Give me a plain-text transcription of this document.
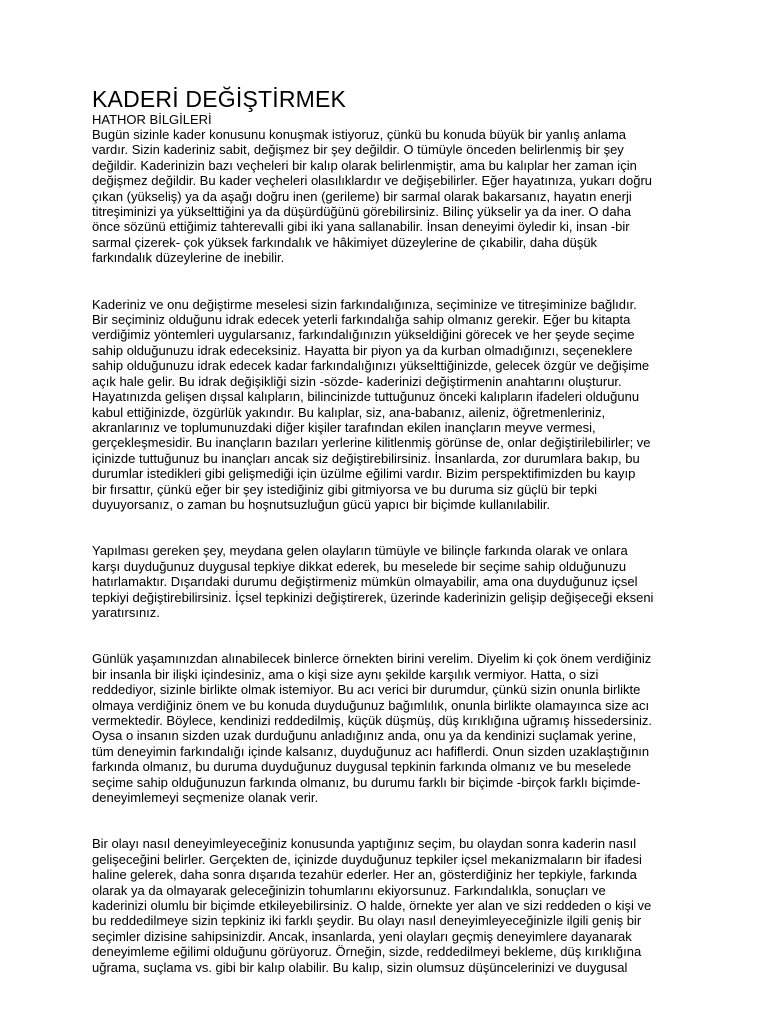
KADERİ DEĞİŞTİRMEK
HATHOR BİLGİLERİ
Bugün sizinle kader konusunu konuşmak istiyoruz, çünkü bu konuda büyük bir yanlış anlama
vardır. Sizin kaderiniz sabit, değişmez bir şey değildir. O tümüyle önceden belirlenmiş bir şey
değildir. Kaderinizin bazı veçheleri bir kalıp olarak belirlenmiştir, ama bu kalıplar her zaman için
değişmez değildir. Bu kader veçheleri olasılıklardır ve değişebilirler. Eğer hayatınıza, yukarı doğru
çıkan (yükseliş) ya da aşağı doğru inen (gerileme) bir sarmal olarak bakarsanız, hayatın enerji
titreşiminizi ya yükselttiğini ya da düşürdüğünü görebilirsiniz. Bilinç yükselir ya da iner. O daha
önce sözünü ettiğimiz tahterevalli gibi iki yana sallanabilir. İnsan deneyimi öyledir ki, insan -bir
sarmal çizerek- çok yüksek farkındalık ve hâkimiyet düzeylerine de çıkabilir, daha düşük
farkındalık düzeylerine de inebilir.
Kaderiniz ve onu değiştirme meselesi sizin farkındalığınıza, seçiminize ve titreşiminize bağlıdır.
Bir seçiminiz olduğunu idrak edecek yeterli farkındalığa sahip olmanız gerekir. Eğer bu kitapta
verdiğimiz yöntemleri uygularsanız, farkındalığınızın yükseldiğini görecek ve her şeyde seçime
sahip olduğunuzu idrak edeceksiniz. Hayatta bir piyon ya da kurban olmadığınızı, seçeneklere
sahip olduğunuzu idrak edecek kadar farkındalığınızı yükselttiğinizde, gelecek özgür ve değişime
açık hale gelir. Bu idrak değişikliği sizin -sözde- kaderinizi değiştirmenin anahtarını oluşturur.
Hayatınızda gelişen dışsal kalıpların, bilincinizde tuttuğunuz önceki kalıpların ifadeleri olduğunu
kabul ettiğinizde, özgürlük yakındır. Bu kalıplar, siz, ana-babanız, aileniz, öğretmenleriniz,
akranlarınız ve toplumunuzdaki diğer kişiler tarafından ekilen inançların meyve vermesi,
gerçekleşmesidir. Bu inançların bazıları yerlerine kilitlenmiş görünse de, onlar değiştirilebilirler; ve
içinizde tuttuğunuz bu inançları ancak siz değiştirebilirsiniz. İnsanlarda, zor durumlara bakıp, bu
durumlar istedikleri gibi gelişmediği için üzülme eğilimi vardır. Bizim perspektifimizden bu kayıp
bir fırsattır, çünkü eğer bir şey istediğiniz gibi gitmiyorsa ve bu duruma siz güçlü bir tepki
duyuyorsanız, o zaman bu hoşnutsuzluğun gücü yapıcı bir biçimde kullanılabilir.
Yapılması gereken şey, meydana gelen olayların tümüyle ve bilinçle farkında olarak ve onlara
karşı duyduğunuz duygusal tepkiye dikkat ederek, bu meselede bir seçime sahip olduğunuzu
hatırlamaktır. Dışarıdaki durumu değiştirmeniz mümkün olmayabilir, ama ona duyduğunuz içsel
tepkiyi değiştirebilirsiniz. İçsel tepkinizi değiştirerek, üzerinde kaderinizin gelişip değişeceği ekseni
yaratırsınız.
Günlük yaşamınızdan alınabilecek binlerce örnekten birini verelim. Diyelim ki çok önem verdiğiniz
bir insanla bir ilişki içindesiniz, ama o kişi size aynı şekilde karşılık vermiyor. Hatta, o sizi
reddediyor, sizinle birlikte olmak istemiyor. Bu acı verici bir durumdur, çünkü sizin onunla birlikte
olmaya verdiğiniz önem ve bu konuda duyduğunuz bağımlılık, onunla birlikte olamayınca size acı
vermektedir. Böylece, kendinizi reddedilmiş, küçük düşmüş, düş kırıklığına uğramış hissedersiniz.
Oysa o insanın sizden uzak durduğunu anladığınız anda, onu ya da kendinizi suçlamak yerine,
tüm deneyimin farkındalığı içinde kalsanız, duyduğunuz acı hafiflerdi. Onun sizden uzaklaştığının
farkında olmanız, bu duruma duyduğunuz duygusal tepkinin farkında olmanız ve bu meselede
seçime sahip olduğunuzun farkında olmanız, bu durumu farklı bir biçimde -birçok farklı biçimde-
deneyimlemeyi seçmenize olanak verir.
Bir olayı nasıl deneyimleyeceğiniz konusunda yaptığınız seçim, bu olaydan sonra kaderin nasıl
gelişeceğini belirler. Gerçekten de, içinizde duyduğunuz tepkiler içsel mekanizmaların bir ifadesi
haline gelerek, daha sonra dışarıda tezahür ederler. Her an, gösterdiğiniz her tepkiyle, farkında
olarak ya da olmayarak geleceğinizin tohumlarını ekiyorsunuz. Farkındalıkla, sonuçları ve
kaderinizi olumlu bir biçimde etkileyebilirsiniz. O halde, örnekte yer alan ve sizi reddeden o kişi ve
bu reddedilmeye sizin tepkiniz iki farklı şeydir. Bu olayı nasıl deneyimleyeceğinizle ilgili geniş bir
seçimler dizisine sahipsinizdir. Ancak, insanlarda, yeni olayları geçmiş deneyimlere dayanarak
deneyimleme eğilimi olduğunu görüyoruz. Örneğin, sizde, reddedilmeyi bekleme, düş kırıklığına
uğrama, suçlama vs. gibi bir kalıp olabilir. Bu kalıp, sizin olumsuz düşüncelerinizi ve duygusal
